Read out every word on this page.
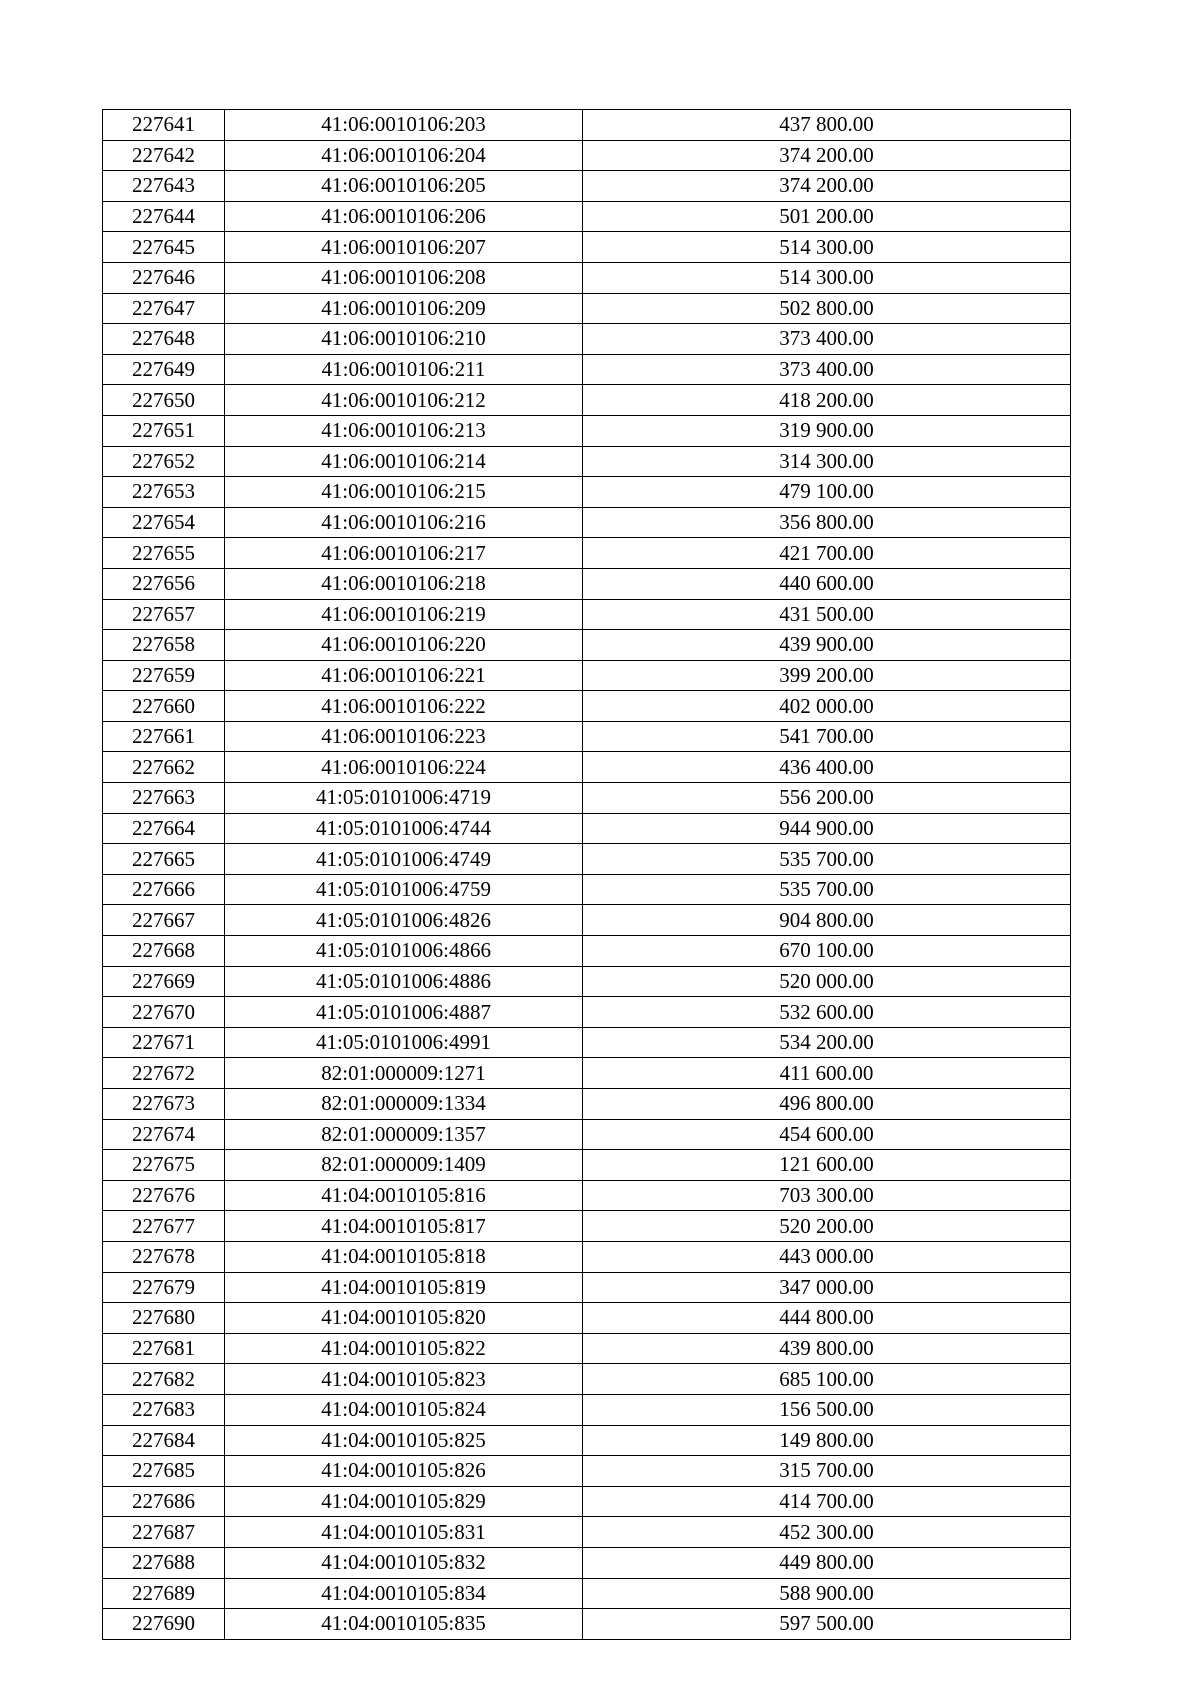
227641	41:06:0010106:203	437 800.00
227642	41:06:0010106:204	374 200.00
227643	41:06:0010106:205	374 200.00
227644	41:06:0010106:206	501 200.00
227645	41:06:0010106:207	514 300.00
227646	41:06:0010106:208	514 300.00
227647	41:06:0010106:209	502 800.00
227648	41:06:0010106:210	373 400.00
227649	41:06:0010106:211	373 400.00
227650	41:06:0010106:212	418 200.00
227651	41:06:0010106:213	319 900.00
227652	41:06:0010106:214	314 300.00
227653	41:06:0010106:215	479 100.00
227654	41:06:0010106:216	356 800.00
227655	41:06:0010106:217	421 700.00
227656	41:06:0010106:218	440 600.00
227657	41:06:0010106:219	431 500.00
227658	41:06:0010106:220	439 900.00
227659	41:06:0010106:221	399 200.00
227660	41:06:0010106:222	402 000.00
227661	41:06:0010106:223	541 700.00
227662	41:06:0010106:224	436 400.00
227663	41:05:0101006:4719	556 200.00
227664	41:05:0101006:4744	944 900.00
227665	41:05:0101006:4749	535 700.00
227666	41:05:0101006:4759	535 700.00
227667	41:05:0101006:4826	904 800.00
227668	41:05:0101006:4866	670 100.00
227669	41:05:0101006:4886	520 000.00
227670	41:05:0101006:4887	532 600.00
227671	41:05:0101006:4991	534 200.00
227672	82:01:000009:1271	411 600.00
227673	82:01:000009:1334	496 800.00
227674	82:01:000009:1357	454 600.00
227675	82:01:000009:1409	121 600.00
227676	41:04:0010105:816	703 300.00
227677	41:04:0010105:817	520 200.00
227678	41:04:0010105:818	443 000.00
227679	41:04:0010105:819	347 000.00
227680	41:04:0010105:820	444 800.00
227681	41:04:0010105:822	439 800.00
227682	41:04:0010105:823	685 100.00
227683	41:04:0010105:824	156 500.00
227684	41:04:0010105:825	149 800.00
227685	41:04:0010105:826	315 700.00
227686	41:04:0010105:829	414 700.00
227687	41:04:0010105:831	452 300.00
227688	41:04:0010105:832	449 800.00
227689	41:04:0010105:834	588 900.00
227690	41:04:0010105:835	597 500.00
